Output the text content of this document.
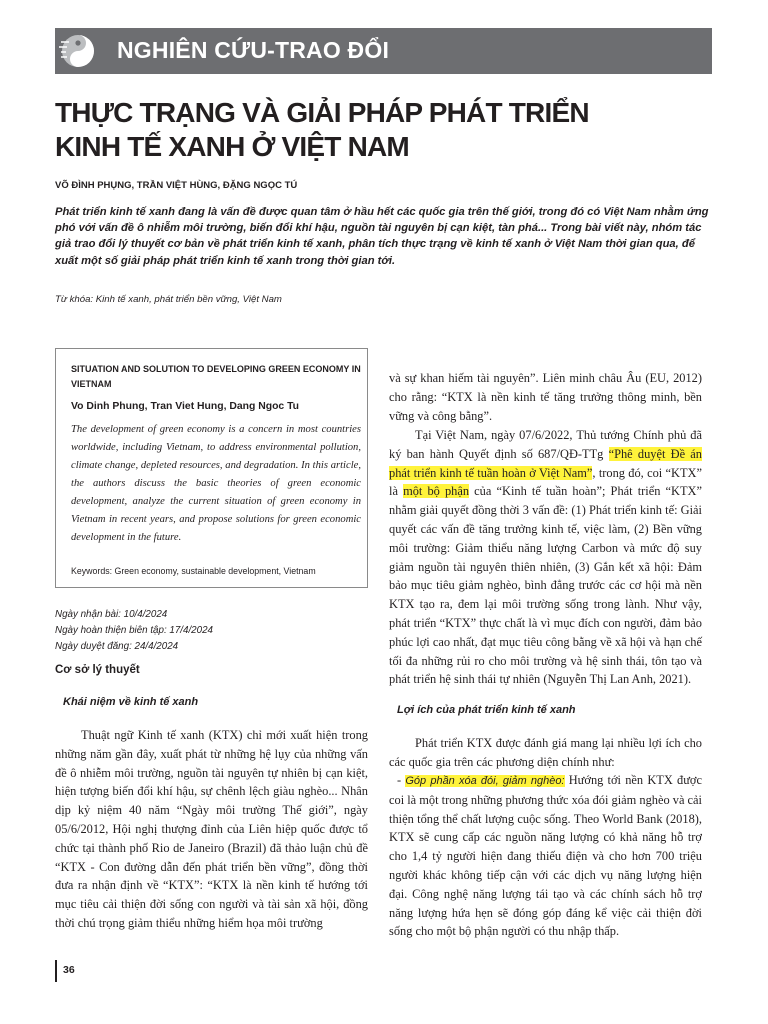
NGHIÊN CỨU-TRAO ĐỔI
THỰC TRẠNG VÀ GIẢI PHÁP PHÁT TRIỂN
KINH TẾ XANH Ở VIỆT NAM
VÕ ĐÌNH PHỤNG, TRẦN VIỆT HÙNG, ĐẶNG NGỌC TÚ

Phát triển kinh tế xanh đang là vấn đề được quan tâm ở hầu hết các quốc gia trên thế giới, trong đó có Việt Nam nhằm ứng phó với vấn đề ô nhiễm môi trường, biến đổi khí hậu, nguồn tài nguyên bị cạn kiệt, tàn phá... Trong bài viết này, nhóm tác giả trao đổi lý thuyết cơ bản về phát triển kinh tế xanh, phân tích thực trạng về kinh tế xanh ở Việt Nam thời gian qua, để xuất một số giải pháp phát triển kinh tế xanh trong thời gian tới.

Từ khóa: Kinh tế xanh, phát triển bền vững, Việt Nam

SITUATION AND SOLUTION TO DEVELOPING GREEN ECONOMY IN VIETNAM

Vo Dinh Phung, Tran Viet Hung, Dang Ngoc Tu

The development of green economy is a concern in most countries worldwide, including Vietnam, to address environmental pollution, climate change, depleted resources, and degradation. In this article, the authors discuss the basic theories of green economic development, analyze the current situation of green economy in Vietnam in recent years, and propose solutions for green economic development in the future.

Keywords: Green economy, sustainable development, Vietnam

Ngày nhận bài: 10/4/2024
Ngày hoàn thiện biên tập: 17/4/2024
Ngày duyệt đăng: 24/4/2024
Cơ sở lý thuyết
Khái niệm về kinh tế xanh

Thuật ngữ Kinh tế xanh (KTX) chỉ mới xuất hiện trong những năm gần đây, xuất phát từ những hệ lụy của những vấn đề ô nhiễm môi trường, nguồn tài nguyên tự nhiên bị cạn kiệt, hiện tượng biến đổi khí hậu, sự chênh lệch giàu nghèo... Nhân dịp kỷ niệm 40 năm “Ngày môi trường Thế giới”, ngày 05/6/2012, Hội nghị thượng đỉnh của Liên hiệp quốc được tổ chức tại thành phố Rio de Janeiro (Brazil) đã thảo luận chủ đề “KTX - Con đường dẫn đến phát triển bền vững”, đồng thời đưa ra nhận định về “KTX”: “KTX là nền kinh tế hướng tới mục tiêu cải thiện đời sống con người và tài sản xã hội, đồng thời chú trọng giảm thiểu những hiểm họa môi trường

và sự khan hiếm tài nguyên”. Liên minh châu Âu (EU, 2012) cho rằng: “KTX là nền kinh tế tăng trưởng thông minh, bền vững và công bằng”.

Tại Việt Nam, ngày 07/6/2022, Thủ tướng Chính phủ đã ký ban hành Quyết định số 687/QĐ-TTg “Phê duyệt Đề án phát triển kinh tế tuần hoàn ở Việt Nam”, trong đó, coi “KTX” là một bộ phận của “Kinh tế tuần hoàn”; Phát triển “KTX” nhằm giải quyết đồng thời 3 vấn đề: (1) Phát triển kinh tế: Giải quyết các vấn đề tăng trưởng kinh tế, việc làm, (2) Bền vững môi trường: Giảm thiểu năng lượng Carbon và mức độ suy giảm nguồn tài nguyên thiên nhiên, (3) Gắn kết xã hội: Đảm bảo mục tiêu giảm nghèo, bình đẳng trước các cơ hội mà nền KTX tạo ra, đem lại môi trường sống trong lành. Như vậy, phát triển “KTX” thực chất là vì mục đích con người, đảm bảo phúc lợi cao nhất, đạt mục tiêu công bằng về xã hội và hạn chế tối đa những rủi ro cho môi trường và hệ sinh thái, tôn tạo và phát triển hệ sinh thái tự nhiên (Nguyễn Thị Lan Anh, 2021).

Lợi ích của phát triển kinh tế xanh

Phát triển KTX được đánh giá mang lại nhiều lợi ích cho các quốc gia trên các phương diện chính như:

- Góp phần xóa đói, giảm nghèo: Hướng tới nền KTX được coi là một trong những phương thức xóa đói giảm nghèo và cải thiện tổng thể chất lượng cuộc sống. Theo World Bank (2018), KTX sẽ cung cấp các nguồn năng lượng có khả năng hỗ trợ cho 1,4 tỷ người hiện đang thiếu điện và cho hơn 700 triệu người khác không tiếp cận với các dịch vụ năng lượng hiện đại. Công nghệ năng lượng tái tạo và các chính sách hỗ trợ năng lượng hứa hẹn sẽ đóng góp đáng kể việc cải thiện đời sống cho một bộ phận người có thu nhập thấp.

36
